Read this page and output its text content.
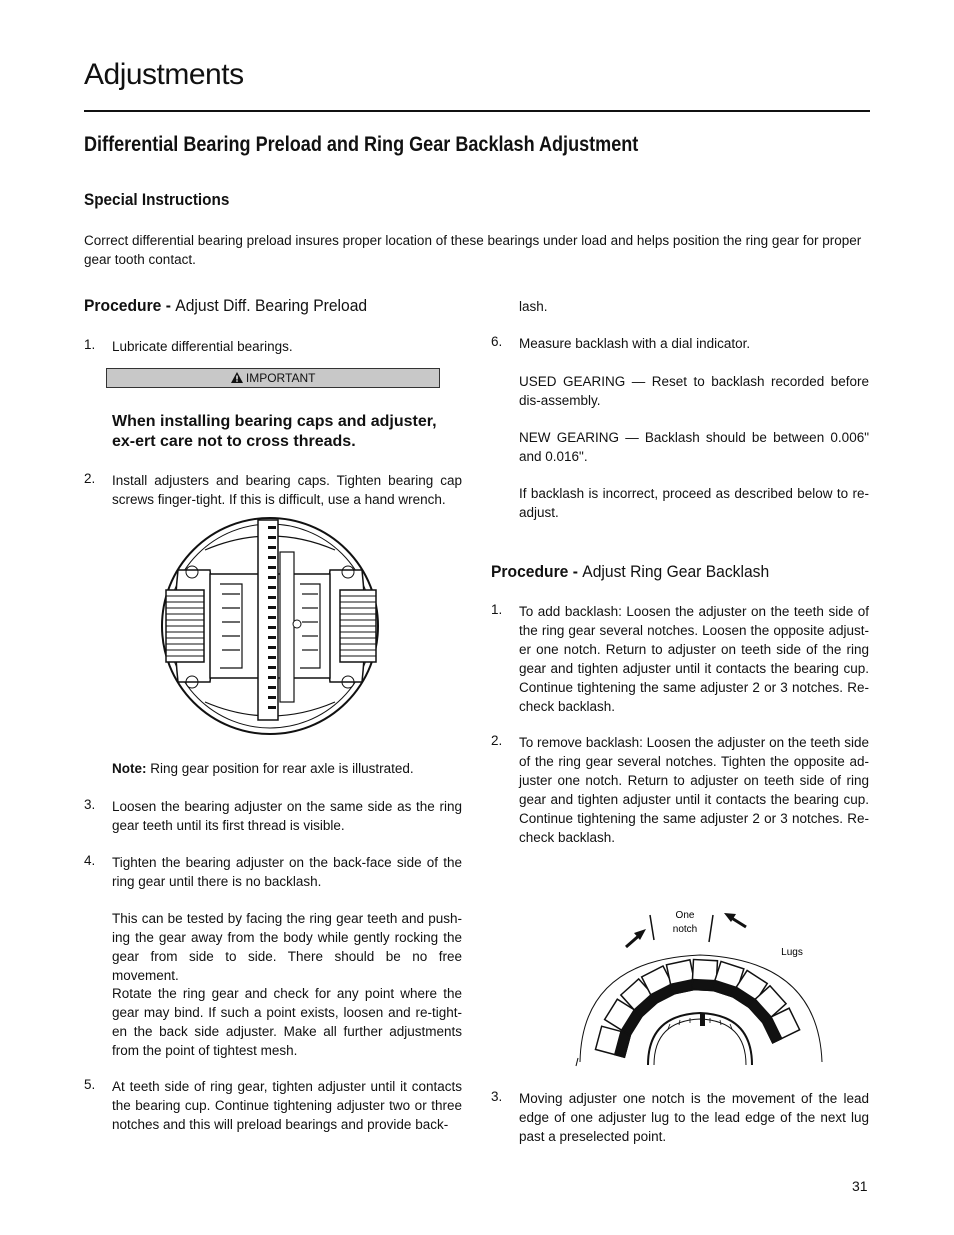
Adjustments
Differential Bearing Preload and Ring Gear Backlash Adjustment
Special Instructions
Correct differential bearing preload insures proper location of these bearings under load and helps position the ring gear for proper gear tooth contact.
Procedure - Adjust Diff. Bearing Preload
1. Lubricate differential bearings.
IMPORTANT
When installing bearing caps and adjuster, ex-ert care not to cross threads.
2. Install adjusters and bearing caps. Tighten bearing cap screws finger-tight. If this is difficult, use a hand wrench.
Note: Ring gear position for rear axle is illustrated.
3. Loosen the bearing adjuster on the same side as the ring gear teeth until its first thread is visible.
4. Tighten the bearing adjuster on the back-face side of the ring gear until there is no backlash.
This can be tested by facing the ring gear teeth and push-ing the gear away from the body while gently rocking the gear from side to side. There should be no free movement.
Rotate the ring gear and check for any point where the gear may bind. If such a point exists, loosen and re-tight-en the back side adjuster. Make all further adjustments from the point of tightest mesh.
5. At teeth side of ring gear, tighten adjuster until it contacts the bearing cup. Continue tightening adjuster two or three notches and this will preload bearings and provide back-
lash.
6. Measure backlash with a dial indicator.
USED GEARING — Reset to backlash recorded before dis-assembly.
NEW GEARING — Backlash should be between 0.006" and 0.016".
If backlash is incorrect, proceed as described below to re-adjust.
Procedure - Adjust Ring Gear Backlash
1. To add backlash: Loosen the adjuster on the teeth side of the ring gear several notches. Loosen the opposite adjust-er one notch. Return to adjuster on teeth side of the ring gear and tighten adjuster until it contacts the bearing cup. Continue tightening the same adjuster 2 or 3 notches. Re-check backlash.
2. To remove backlash: Loosen the adjuster on the teeth side of the ring gear several notches. Tighten the opposite ad-juster one notch. Return to adjuster on teeth side of ring gear and tighten adjuster until it contacts the bearing cup. Continue tightening the same adjuster 2 or 3 notches. Re-check backlash.
One
notch
Lugs
3. Moving adjuster one notch is the movement of the lead edge of one adjuster lug to the lead edge of the next lug past a preselected point.
31
